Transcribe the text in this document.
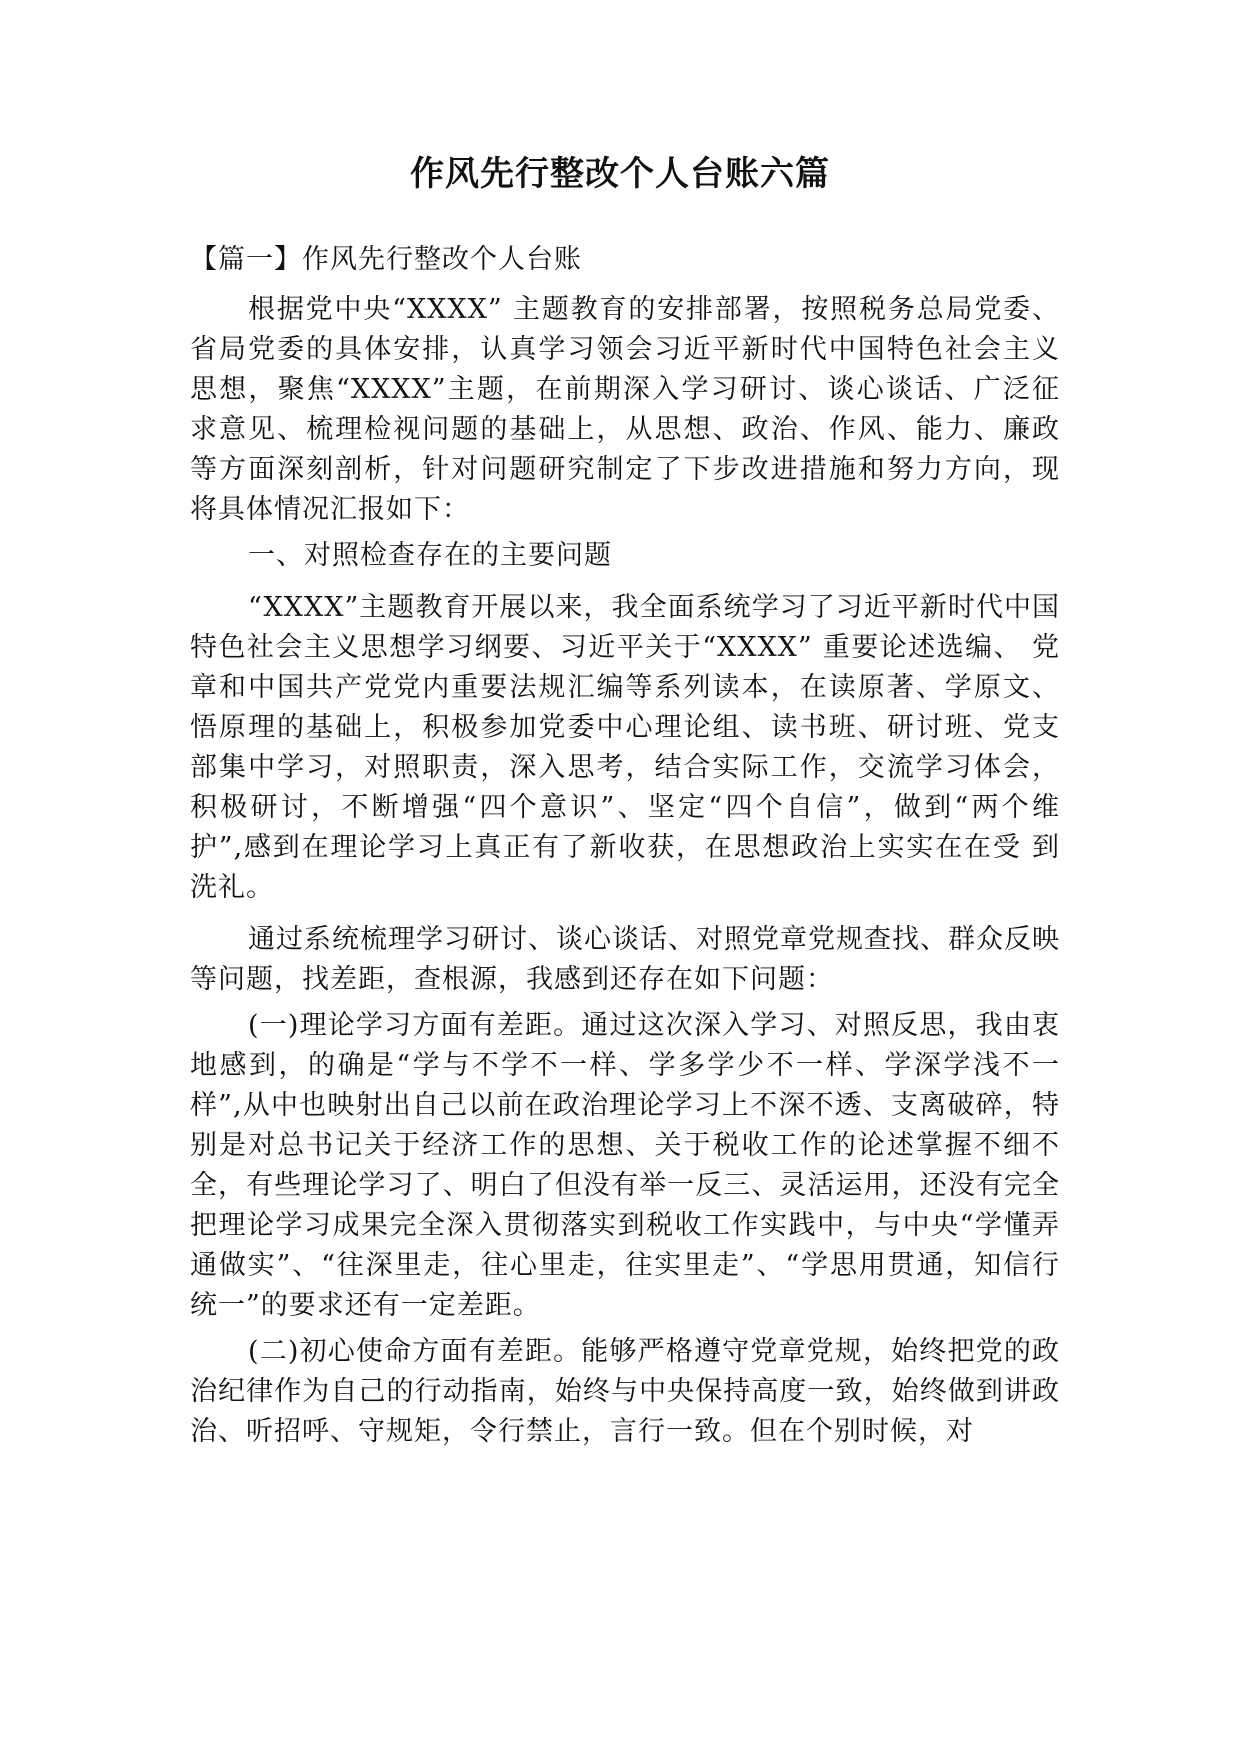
作风先行整改个人台账六篇

【篇一】作风先行整改个人台账

根据党中央“XXXX” 主题教育的安排部署，按照税务总局党委、 省局党委的具体安排，认真学习领会习近平新时代中国特色社会主义　思想，聚焦“XXXX”主题，在前期深入学习研讨、谈心谈话、广泛征　求意见、梳理检视问题的基础上，从思想、政治、作风、能力、廉政　等方面深刻剖析，针对问题研究制定了下步改进措施和努力方向，现　将具体情况汇报如下：

一、对照检查存在的主要问题

“XXXX”主题教育开展以来，我全面系统学习了习近平新时代中国特色社会主义思想学习纲要、习近平关于“XXXX” 重要论述选编、 党章和中国共产党党内重要法规汇编等系列读本，在读原著、学原文、 悟原理的基础上，积极参加党委中心理论组、读书班、研讨班、党支 部集中学习，对照职责，深入思考，结合实际工作，交流学习体会， 积极研讨，不断增强“四个意识”、坚定“四个自信”，做到“两个维　护”,感到在理论学习上真正有了新收获，在思想政治上实实在在受 到洗礼。

通过系统梳理学习研讨、谈心谈话、对照党章党规查找、群众反映等问题，找差距，查根源，我感到还存在如下问题：

(一)理论学习方面有差距。通过这次深入学习、对照反思，我由衷地感到，的确是“学与不学不一样、学多学少不一样、学深学浅不一样”,从中也映射出自己以前在政治理论学习上不深不透、支离破碎，特别是对总书记关于经济工作的思想、关于税收工作的论述掌握不细不全，有些理论学习了、明白了但没有举一反三、灵活运用，还没有完全把理论学习成果完全深入贯彻落实到税收工作实践中，与中央“学懂弄通做实”、“往深里走，往心里走，往实里走”、“学思用贯通，知信行统一”的要求还有一定差距。

(二)初心使命方面有差距。能够严格遵守党章党规，始终把党的政治纪律作为自己的行动指南，始终与中央保持高度一致，始终做到讲政治、听招呼、守规矩，令行禁止，言行一致。但在个别时候，对
